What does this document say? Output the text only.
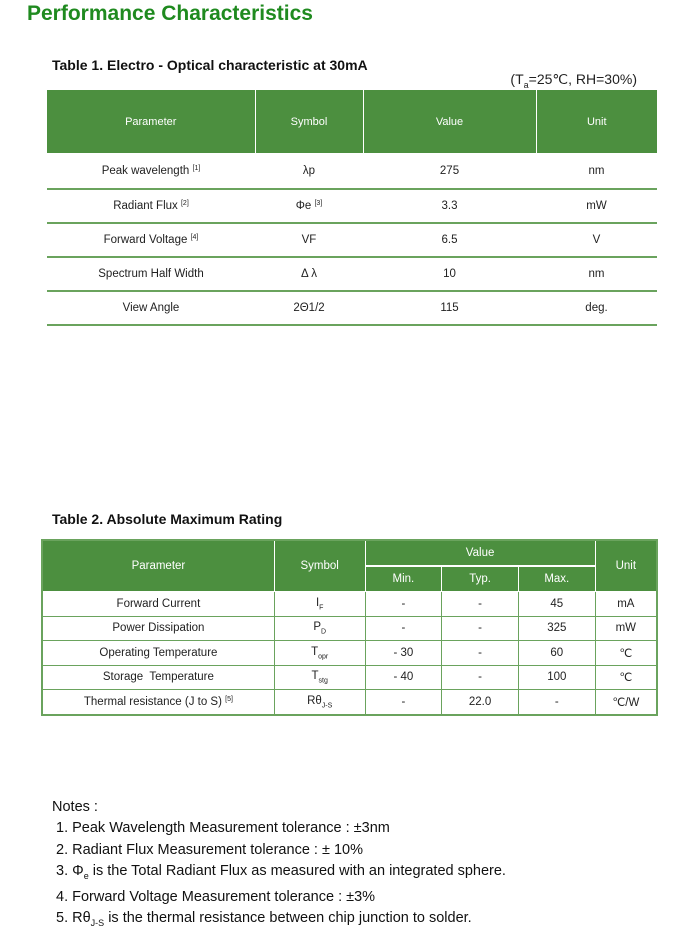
Performance Characteristics
Table 1. Electro - Optical characteristic at 30mA
($T_a=25℃$, RH=30%)
Parameter	Symbol	Value	Unit
Peak wavelength [1]	λp	275	nm
Radiant Flux [2]	Φe [3]	3.3	mW
Forward Voltage [4]	VF	6.5	V
Spectrum Half Width	Δ λ	10	nm
View Angle	2Θ1/2	115	deg.
Table 2. Absolute Maximum Rating
Parameter	Symbol	Value			Unit
		Min.	Typ.	Max.	
Forward Current	$I_F$	-	-	45	mA
Power Dissipation	$P_D$	-	-	325	mW
Operating Temperature	$T_{opr}$	- 30	-	60	℃
Storage  Temperature	$T_{stg}$	- 40	-	100	℃
Thermal resistance (J to S) [5]	$R\theta_{J-S}$	-	22.0	-	℃/W
Notes :
1. Peak Wavelength Measurement tolerance : ±3nm
2. Radiant Flux Measurement tolerance : ± 10%
3. $\Phi_e$ is the Total Radiant Flux as measured with an integrated sphere.
4. Forward Voltage Measurement tolerance : ±3%
5. $R\theta_{J-S}$ is the thermal resistance between chip junction to solder.
